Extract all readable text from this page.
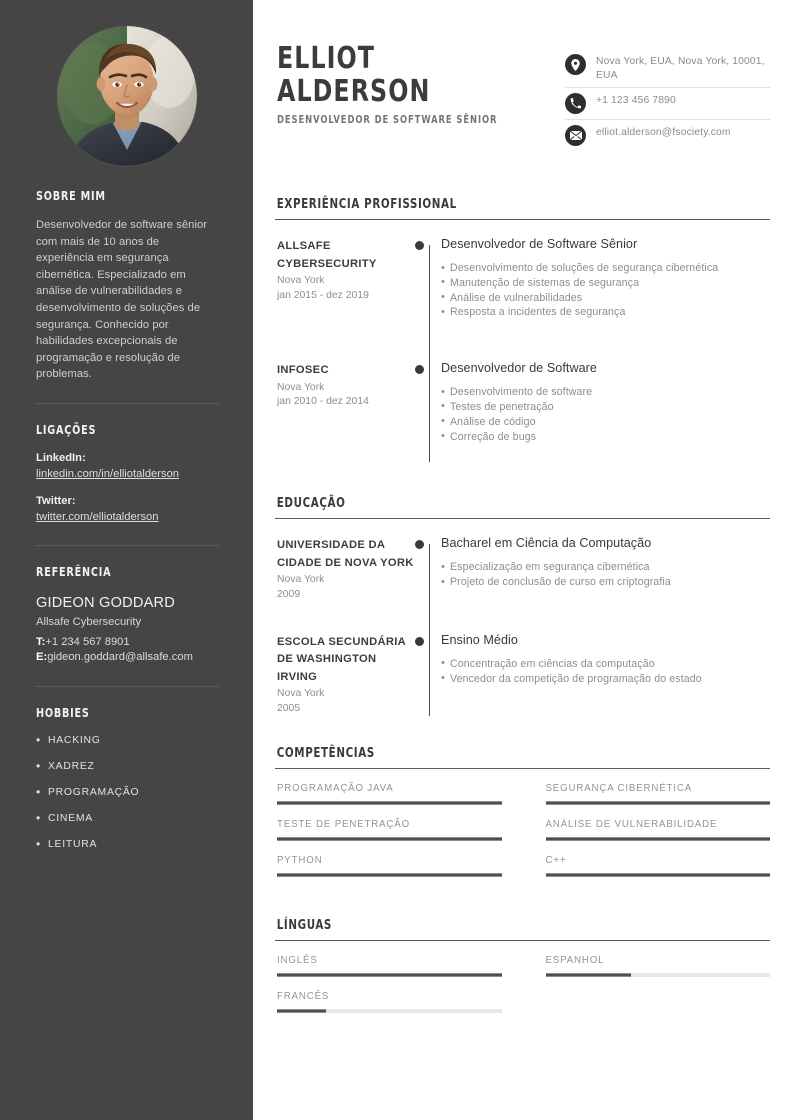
SOBRE MIM

Desenvolvedor de software sênior com mais de 10 anos de experiência em segurança cibernética. Especializado em análise de vulnerabilidades e desenvolvimento de soluções de segurança. Conhecido por habilidades excepcionais de programação e resolução de problemas.

LIGAÇÕES
LinkedIn:
linkedin.com/in/elliotalderson
Twitter:
twitter.com/elliotalderson
REFERÊNCIA
GIDEON GODDARD
Allsafe Cybersecurity
T:+1 234 567 8901
E:gideon.goddard@allsafe.com
HOBBIES
• HACKING
• XADREZ
• PROGRAMAÇÃO
• CINEMA
• LEITURA
ELLIOT
ALDERSON
DESENVOLVEDOR DE SOFTWARE SÊNIOR
Nova York, EUA, Nova York, 10001, EUA
+1 123 456 7890
elliot.alderson@fsociety.com
EXPERIÊNCIA PROFISSIONAL
ALLSAFE CYBERSECURITY
Nova York
jan 2015 - dez 2019
Desenvolvedor de Software Sênior
• Desenvolvimento de soluções de segurança cibernética
• Manutenção de sistemas de segurança
• Análise de vulnerabilidades
• Resposta a incidentes de segurança
INFOSEC
Nova York
jan 2010 - dez 2014
Desenvolvedor de Software
• Desenvolvimento de software
• Testes de penetração
• Análise de código
• Correção de bugs
EDUCAÇÃO
UNIVERSIDADE DA CIDADE DE NOVA YORK
Nova York
2009
Bacharel em Ciência da Computação
• Especialização em segurança cibernética
• Projeto de conclusão de curso em criptografia
ESCOLA SECUNDÁRIA DE WASHINGTON IRVING
Nova York
2005
Ensino Médio
• Concentração em ciências da computação
• Vencedor da competição de programação do estado
COMPETÊNCIAS
PROGRAMAÇÃO JAVA	SEGURANÇA CIBERNÉTICA
TESTE DE PENETRAÇÃO	ANÁLISE DE VULNERABILIDADE
PYTHON	C++
LÍNGUAS
INGLÊS	ESPANHOL
FRANCÊS
